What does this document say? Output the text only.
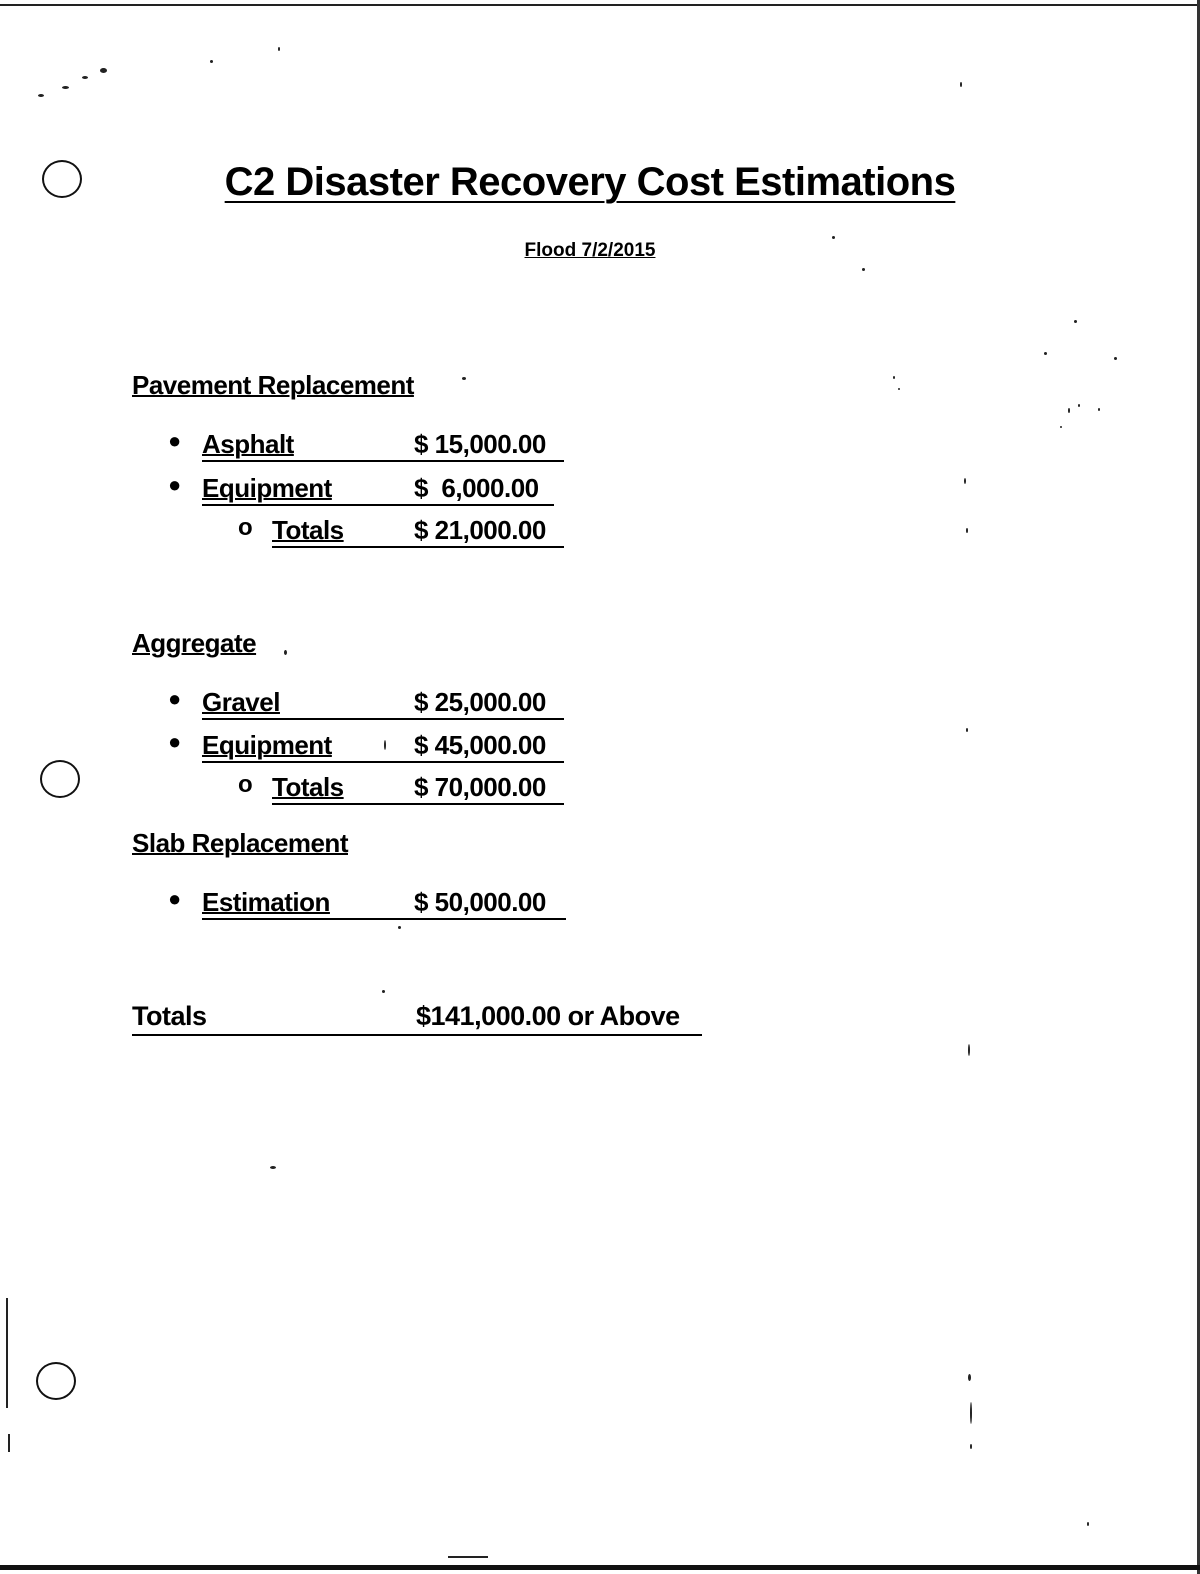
C2 Disaster Recovery Cost Estimations
Flood 7/2/2015
Pavement Replacement
● Asphalt	$ 15,000.00
● Equipment	$  6,000.00
o Totals	$ 21,000.00
Aggregate
● Gravel	$ 25,000.00
● Equipment	$ 45,000.00
o Totals	$ 70,000.00
Slab Replacement
● Estimation	$ 50,000.00
Totals	$141,000.00 or Above
